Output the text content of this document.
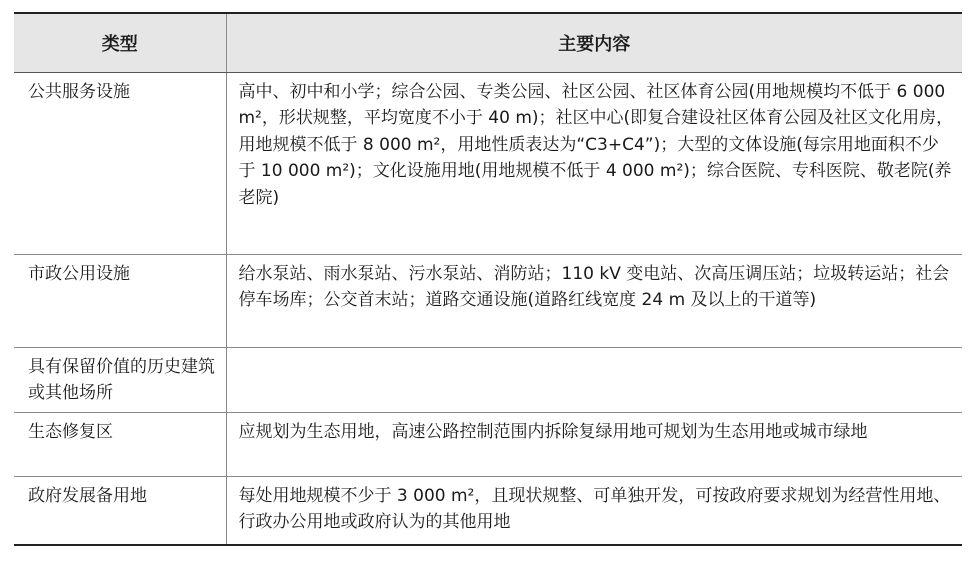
类型	主要内容
公共服务设施	高中、初中和小学；综合公园、专类公园、社区公园、社区体育公园(用地规模均不低于 6 000 m²，形状规整，平均宽度不小于 40 m)；社区中心(即复合建设社区体育公园及社区文化用房，用地规模不低于 8 000 m²，用地性质表达为“C3+C4”)；大型的文体设施(每宗用地面积不少于 10 000 m²)；文化设施用地(用地规模不低于 4 000 m²)；综合医院、专科医院、敬老院(养老院)
市政公用设施	给水泵站、雨水泵站、污水泵站、消防站；110 kV 变电站、次高压调压站；垃圾转运站；社会停车场库；公交首末站；道路交通设施(道路红线宽度 24 m 及以上的干道等)
具有保留价值的历史建筑或其他场所	
生态修复区	应规划为生态用地，高速公路控制范围内拆除复绿用地可规划为生态用地或城市绿地
政府发展备用地	每处用地规模不少于 3 000 m²，且现状规整、可单独开发，可按政府要求规划为经营性用地、行政办公用地或政府认为的其他用地
